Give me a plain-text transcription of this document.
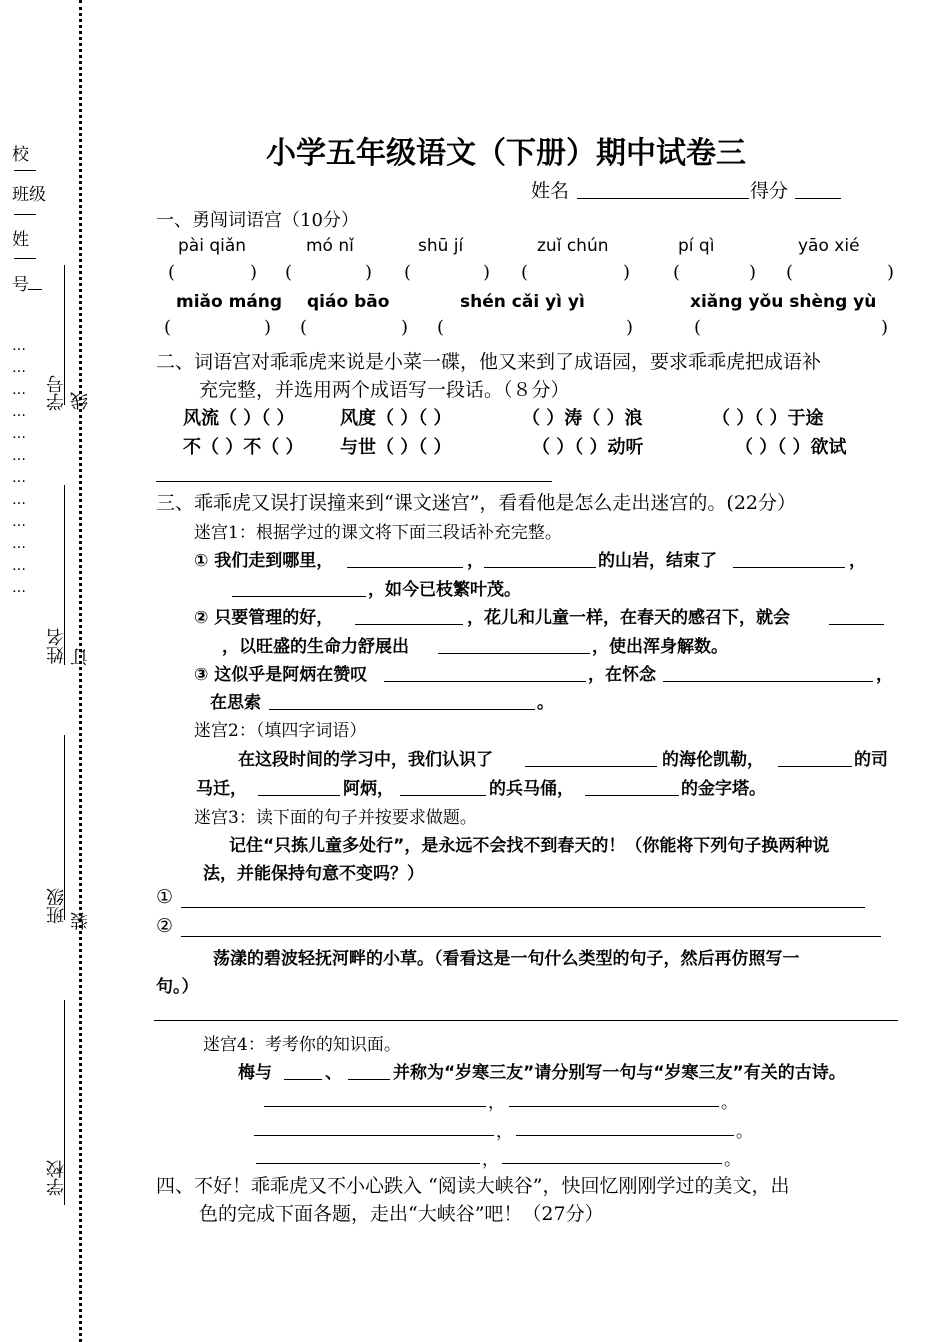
校
班级
姓
号
…
…
…
…
…
…
…
…
…
…
…
…
学号 线
姓名 订
班级 装
学校
小学五年级语文（下册）期中试卷三
姓名	得分
一、勇闯词语宫（10分）
pài qiǎn	mó nǐ	shū jí	zuǐ chún	pí qì	yāo xié
(	) (	) (	) (	) (	) (	)
miǎo máng qiáo bāo	shén cǎi yì yì	xiǎng yǒu shèng yù
(	) (	) (	)	(	)
二、词语宫对乖乖虎来说是小菜一碟，他又来到了成语园，要求乖乖虎把成语补
充完整，并选用两个成语写一段话。（８分）
风流（ ）（ ）	风度（ ）（ ）	（ ）涛（ ）浪	（ ）（ ）于途
不（ ）不（ ） 与世（ ）（ ）	（ ）（ ）动听	（ ）（ ）欲试
三、乖乖虎又误打误撞来到“课文迷宫”，看看他是怎么走出迷宫的。(22分）
迷宫1：根据学过的课文将下面三段话补充完整。
① 我们走到哪里，	，	的山岩，结束了	，
，如今已枝繁叶茂。
② 只要管理的好，	，花儿和儿童一样，在春天的感召下，就会
，以旺盛的生命力舒展出	，使出浑身解数。
③ 这似乎是阿炳在赞叹	，在怀念	，
在思索	。
迷宫2：（填四字词语）
在这段时间的学习中，我们认识了	的海伦凯勒，	的司
马迁，	阿炳，	的兵马俑，	的金字塔。
迷宫3：读下面的句子并按要求做题。
记住“只拣儿童多处行”，是永远不会找不到春天的！（你能将下列句子换两种说
法，并能保持句意不变吗？）
①
②
荡漾的碧波轻抚河畔的小草。（看看这是一句什么类型的句子，然后再仿照写一
句。）
迷宫4：考考你的知识面。
梅与	、	并称为“岁寒三友”请分别写一句与“岁寒三友”有关的古诗。
，	。
，	。
，	。
四、不好！乖乖虎又不小心跌入 “阅读大峡谷”，快回忆刚刚学过的美文，出
色的完成下面各题，走出“大峡谷”吧！（27分）
